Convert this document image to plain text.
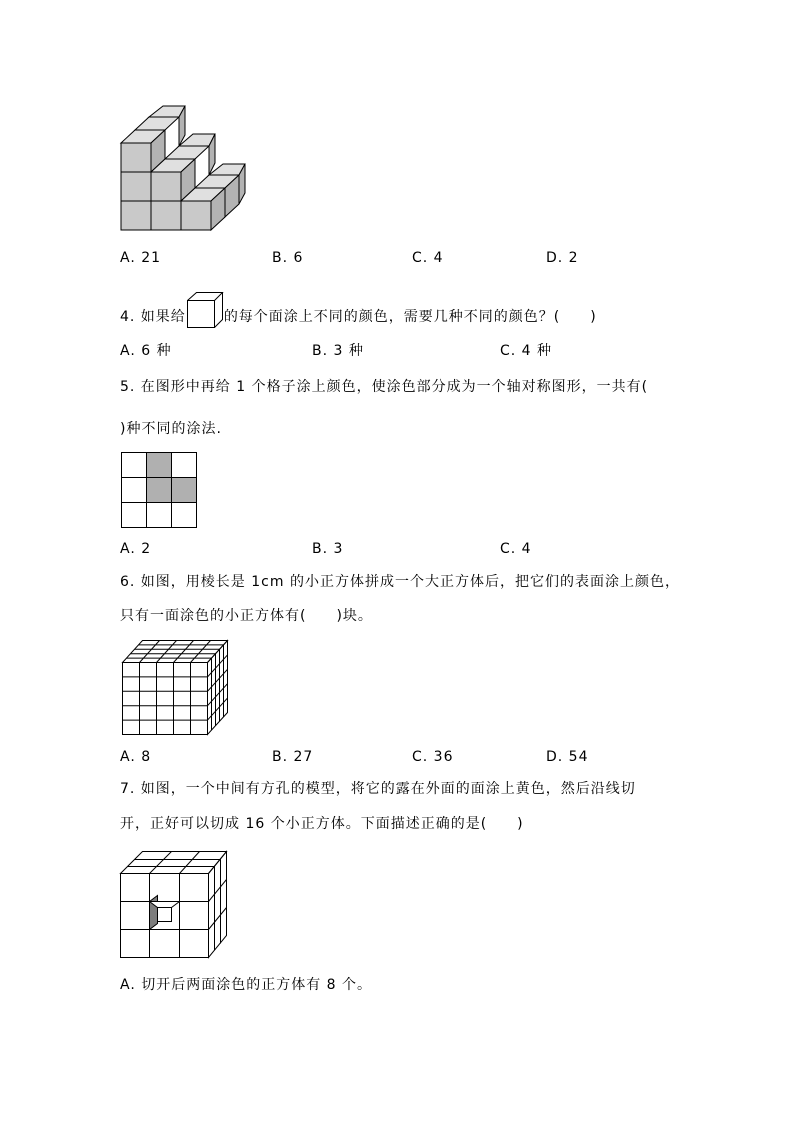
A. 21	B. 6	C. 4	D. 2
4. 如果给	的每个面涂上不同的颜色，需要几种不同的颜色？(　　)
A. 6 种	B. 3 种	C. 4 种
5. 在图形中再给 1 个格子涂上颜色，使涂色部分成为一个轴对称图形，一共有(
)种不同的涂法.
A. 2	B. 3	C. 4
6. 如图，用棱长是 1cm 的小正方体拼成一个大正方体后，把它们的表面涂上颜色，
只有一面涂色的小正方体有(　　)块。
A. 8	B. 27	C. 36	D. 54
7. 如图，一个中间有方孔的模型，将它的露在外面的面涂上黄色，然后沿线切
开，正好可以切成 16 个小正方体。下面描述正确的是(　　)
A. 切开后两面涂色的正方体有 8 个。
